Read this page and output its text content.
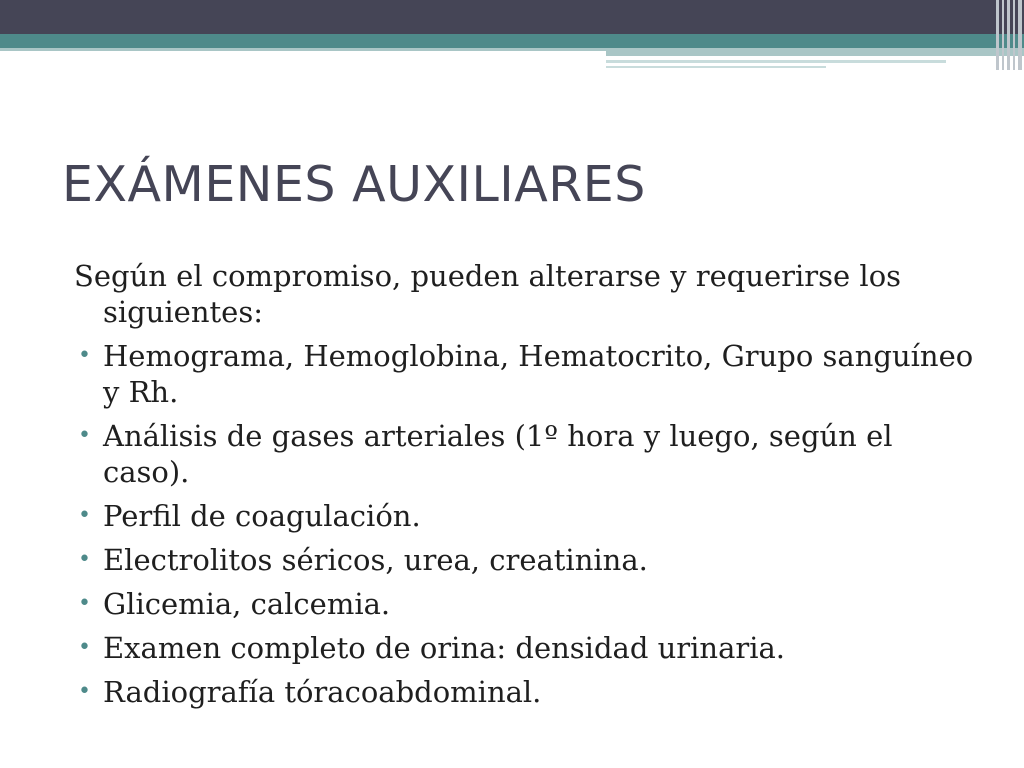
EXÁMENES AUXILIARES

Según el compromiso, pueden alterarse y requerirse los siguientes:

• Hemograma, Hemoglobina, Hematocrito, Grupo sanguíneo y Rh.
• Análisis de gases arteriales (1º hora y luego, según el caso).
• Perfil de coagulación.
• Electrolitos séricos, urea, creatinina.
• Glicemia, calcemia.
• Examen completo de orina: densidad urinaria.
• Radiografía tóracoabdominal.
